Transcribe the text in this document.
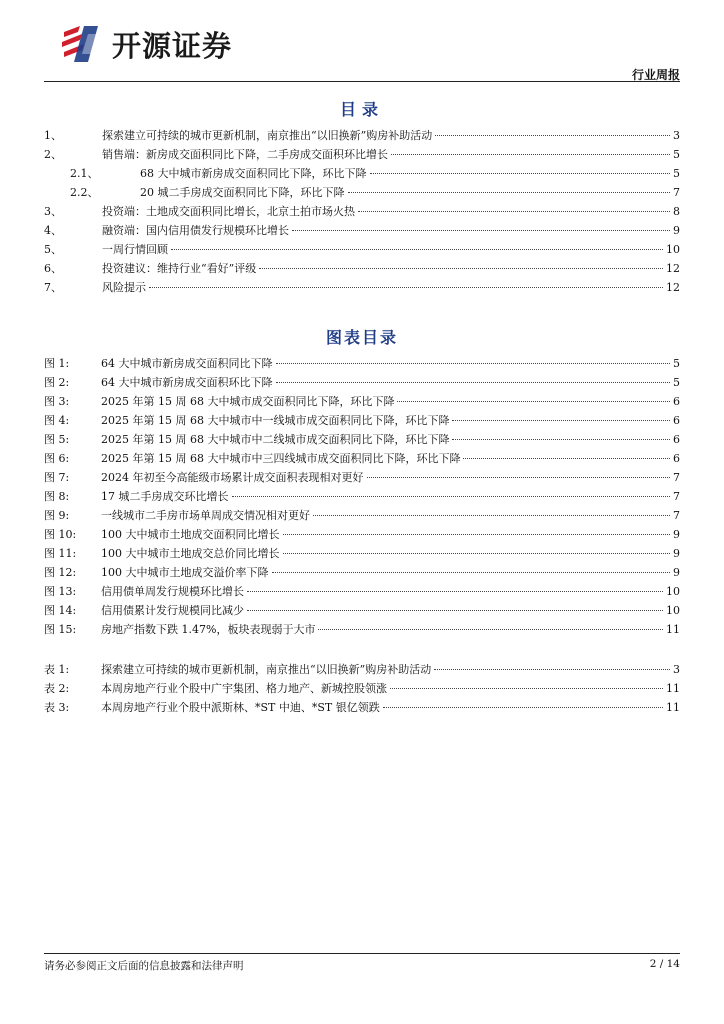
开源证券
行业周报
目录
1、	探索建立可持续的城市更新机制，南京推出“以旧换新”购房补助活动	3
2、	销售端：新房成交面积同比下降，二手房成交面积环比增长	5
2.1、	68 大中城市新房成交面积同比下降，环比下降	5
2.2、	20 城二手房成交面积同比下降，环比下降	7
3、	投资端：土地成交面积同比增长，北京土拍市场火热	8
4、	融资端：国内信用债发行规模环比增长	9
5、	一周行情回顾	10
6、	投资建议：维持行业“看好”评级	12
7、	风险提示	12
图表目录
图 1:	64 大中城市新房成交面积同比下降	5
图 2:	64 大中城市新房成交面积环比下降	5
图 3:	2025 年第 15 周 68 大中城市成交面积同比下降，环比下降	6
图 4:	2025 年第 15 周 68 大中城市中一线城市成交面积同比下降，环比下降	6
图 5:	2025 年第 15 周 68 大中城市中二线城市成交面积同比下降，环比下降	6
图 6:	2025 年第 15 周 68 大中城市中三四线城市成交面积同比下降，环比下降	6
图 7:	2024 年初至今高能级市场累计成交面积表现相对更好	7
图 8:	17 城二手房成交环比增长	7
图 9:	一线城市二手房市场单周成交情况相对更好	7
图 10:	100 大中城市土地成交面积同比增长	9
图 11:	100 大中城市土地成交总价同比增长	9
图 12:	100 大中城市土地成交溢价率下降	9
图 13:	信用债单周发行规模环比增长	10
图 14:	信用债累计发行规模同比减少	10
图 15:	房地产指数下跌 1.47%，板块表现弱于大市	11
表 1:	探索建立可持续的城市更新机制，南京推出“以旧换新”购房补助活动	3
表 2:	本周房地产行业个股中广宇集团、格力地产、新城控股领涨	11
表 3:	本周房地产行业个股中派斯林、*ST 中迪、*ST 银亿领跌	11
请务必参阅正文后面的信息披露和法律声明	2 / 14
